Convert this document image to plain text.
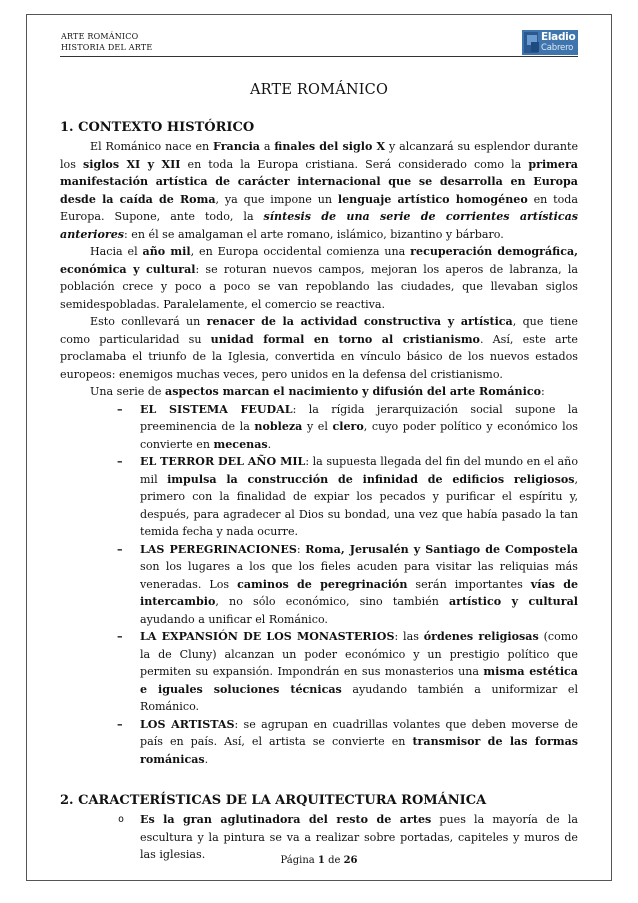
ARTE ROMÁNICO
HISTORIA DEL ARTE
Eladio
Cabrero
ARTE ROMÁNICO
1. CONTEXTO HISTÓRICO

El Románico nace en Francia a finales del siglo X y alcanzará su esplendor durante los siglos XI y XII en toda la Europa cristiana. Será considerado como la primera manifestación artística de carácter internacional que se desarrolla en Europa desde la caída de Roma, ya que impone un lenguaje artístico homogéneo en toda Europa. Supone, ante todo, la síntesis de una serie de corrientes artísticas anteriores: en él se amalgaman el arte romano, islámico, bizantino y bárbaro.

Hacia el año mil, en Europa occidental comienza una recuperación demográfica, económica y cultural: se roturan nuevos campos, mejoran los aperos de labranza, la población crece y poco a poco se van repoblando las ciudades, que llevaban siglos semidespobladas. Paralelamente, el comercio se reactiva.

Esto conllevará un renacer de la actividad constructiva y artística, que tiene como particularidad su unidad formal en torno al cristianismo. Así, este arte proclamaba el triunfo de la Iglesia, convertida en vínculo básico de los nuevos estados europeos: enemigos muchas veces, pero unidos en la defensa del cristianismo.

Una serie de aspectos marcan el nacimiento y difusión del arte Románico:

– EL SISTEMA FEUDAL: la rígida jerarquización social supone la preeminencia de la nobleza y el clero, cuyo poder político y económico los convierte en mecenas.
– EL TERROR DEL AÑO MIL: la supuesta llegada del fin del mundo en el año mil impulsa la construcción de infinidad de edificios religiosos, primero con la finalidad de expiar los pecados y purificar el espíritu y, después, para agradecer al Dios su bondad, una vez que había pasado la tan temida fecha y nada ocurre.
– LAS PEREGRINACIONES: Roma, Jerusalén y Santiago de Compostela son los lugares a los que los fieles acuden para visitar las reliquias más veneradas. Los caminos de peregrinación serán importantes vías de intercambio, no sólo económico, sino también artístico y cultural ayudando a unificar el Románico.
– LA EXPANSIÓN DE LOS MONASTERIOS: las órdenes religiosas (como la de Cluny) alcanzan un poder económico y un prestigio político que permiten su expansión. Impondrán en sus monasterios una misma estética e iguales soluciones técnicas ayudando también a uniformizar el Románico.
– LOS ARTISTAS: se agrupan en cuadrillas volantes que deben moverse de país en país. Así, el artista se convierte en transmisor de las formas románicas.
2. CARACTERÍSTICAS DE LA ARQUITECTURA ROMÁNICA
o Es la gran aglutinadora del resto de artes pues la mayoría de la escultura y la pintura se va a realizar sobre portadas, capiteles y muros de las iglesias.	Página 1 de 26
